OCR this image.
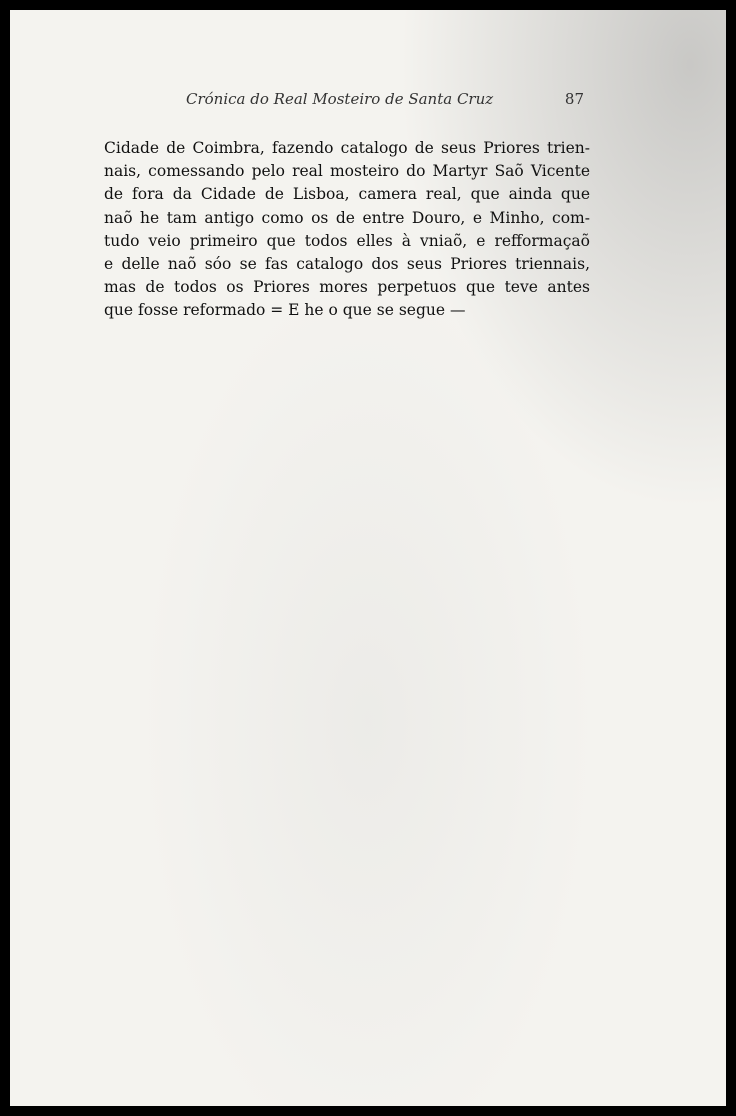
Crónica do Real Mosteiro de Santa Cruz	87
Cidade de Coimbra, fazendo catalogo de seus Priores trien-
nais, comessando pelo real mosteiro do Martyr Saõ Vicente
de fora da Cidade de Lisboa, camera real, que ainda que
naõ he tam antigo como os de entre Douro, e Minho, com-
tudo veio primeiro que todos elles à vniaõ, e refformaçaõ
e delle naõ sóo se fas catalogo dos seus Priores triennais,
mas de todos os Priores mores perpetuos que teve antes
que fosse reformado = E he o que se segue —
